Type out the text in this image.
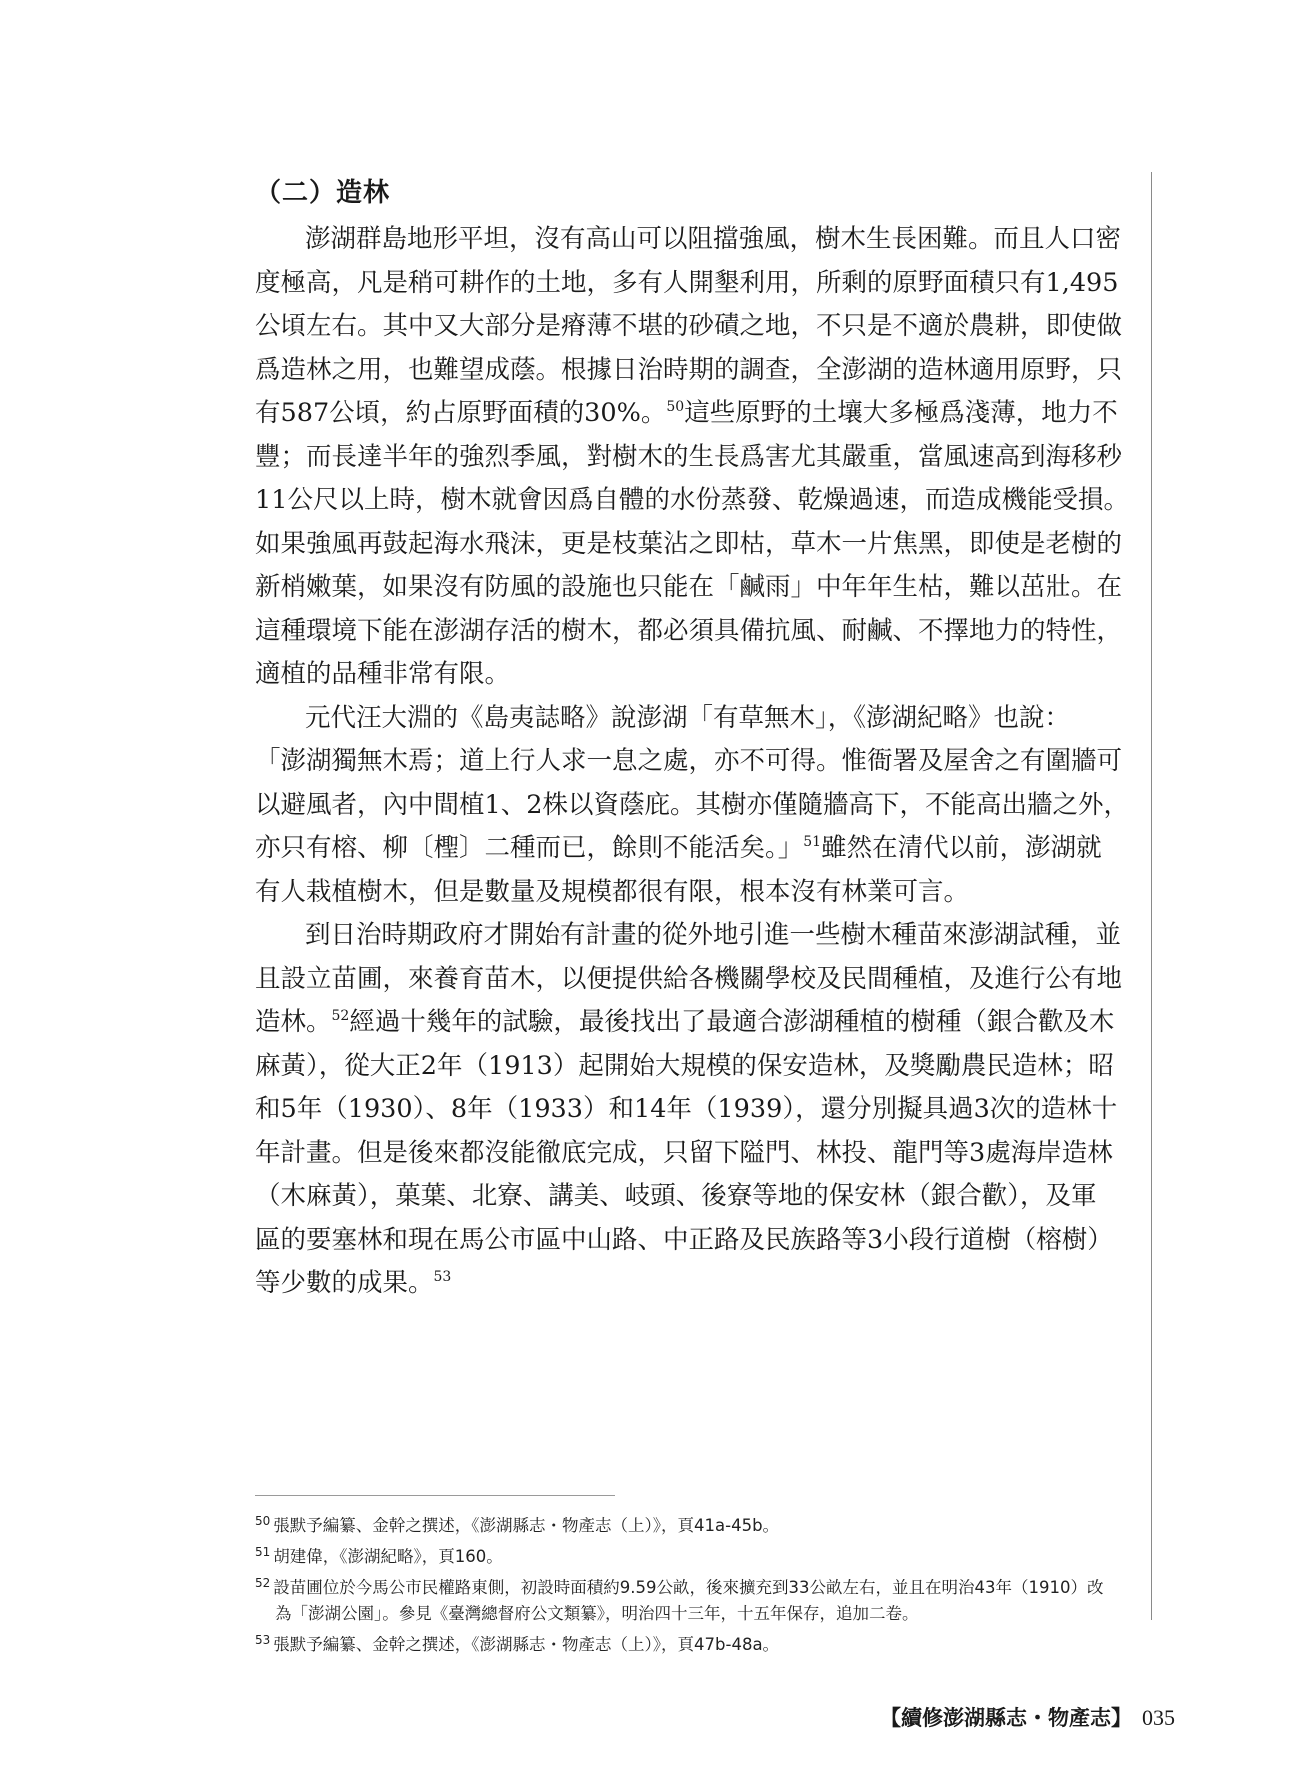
（二）造林
澎湖群島地形平坦，沒有高山可以阻擋強風，樹木生長困難。而且人口密
度極高，凡是稍可耕作的土地，多有人開墾利用，所剩的原野面積只有1,495
公頃左右。其中又大部分是瘠薄不堪的砂磧之地，不只是不適於農耕，即使做
爲造林之用，也難望成蔭。根據日治時期的調查，全澎湖的造林適用原野，只
有587公頃，約占原野面積的30%。$^{50}$這些原野的土壤大多極爲淺薄，地力不
豐；而長達半年的強烈季風，對樹木的生長爲害尤其嚴重，當風速高到海移秒
11公尺以上時，樹木就會因爲自體的水份蒸發、乾燥過速，而造成機能受損。
如果強風再鼓起海水飛沫，更是枝葉沾之即枯，草木一片焦黑，即使是老樹的
新梢嫩葉，如果沒有防風的設施也只能在「鹹雨」中年年生枯，難以茁壯。在
這種環境下能在澎湖存活的樹木，都必須具備抗風、耐鹹、不擇地力的特性，
適植的品種非常有限。
元代汪大淵的《島夷誌略》說澎湖「有草無木」，《澎湖紀略》也說：
「澎湖獨無木焉；道上行人求一息之處，亦不可得。惟衙署及屋舍之有圍牆可
以避風者，內中間植1、2株以資蔭庇。其樹亦僅隨牆高下，不能高出牆之外，
亦只有榕、柳〔檉〕二種而已，餘則不能活矣。」$^{51}$雖然在清代以前，澎湖就
有人栽植樹木，但是數量及規模都很有限，根本沒有林業可言。
到日治時期政府才開始有計畫的從外地引進一些樹木種苗來澎湖試種，並
且設立苗圃，來養育苗木，以便提供給各機關學校及民間種植，及進行公有地
造林。$^{52}$經過十幾年的試驗，最後找出了最適合澎湖種植的樹種（銀合歡及木
麻黃），從大正2年（1913）起開始大規模的保安造林，及獎勵農民造林；昭
和5年（1930）、8年（1933）和14年（1939），還分別擬具過3次的造林十
年計畫。但是後來都沒能徹底完成，只留下隘門、林投、龍門等3處海岸造林
（木麻黃），菓葉、北寮、講美、岐頭、後寮等地的保安林（銀合歡），及軍
區的要塞林和現在馬公市區中山路、中正路及民族路等3小段行道樹（榕樹）
等少數的成果。$^{53}$
$^{50}$ 張默予編纂、金幹之撰述，《澎湖縣志・物產志（上）》，頁41a-45b。
$^{51}$ 胡建偉，《澎湖紀略》，頁160。
$^{52}$ 設苗圃位於今馬公市民權路東側，初設時面積約9.59公畝，後來擴充到33公畝左右，並且在明治43年（1910）改
為「澎湖公園」。參見《臺灣總督府公文類纂》，明治四十三年，十五年保存，追加二卷。
$^{53}$ 張默予編纂、金幹之撰述，《澎湖縣志・物產志（上）》，頁47b-48a。
【續修澎湖縣志・物產志】 035
